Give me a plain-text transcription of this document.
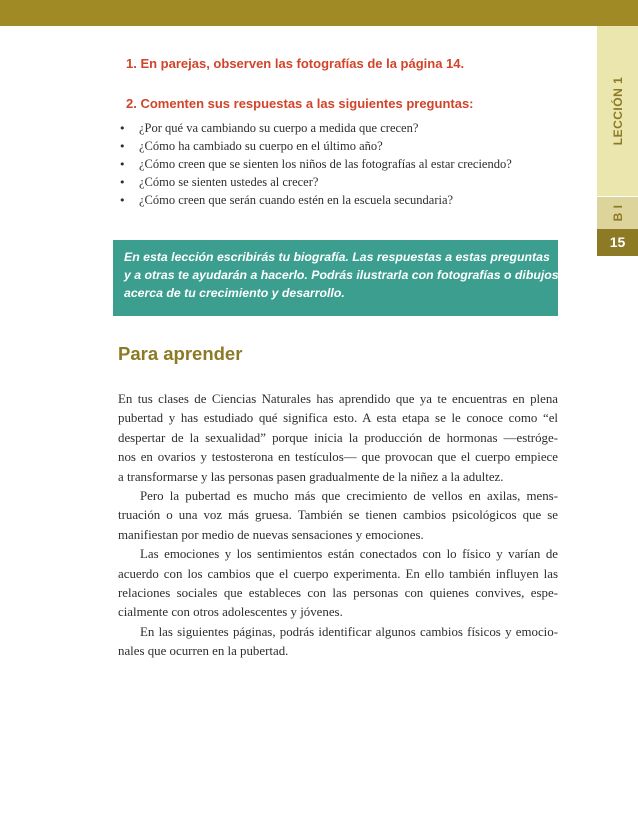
LECCIÓN 1
B I
15

1. En parejas, observen las fotografías de la página 14.

2. Comenten sus respuestas a las siguientes preguntas:

• ¿Por qué va cambiando su cuerpo a medida que crecen?
• ¿Cómo ha cambiado su cuerpo en el último año?
• ¿Cómo creen que se sienten los niños de las fotografías al estar creciendo?
• ¿Cómo se sienten ustedes al crecer?
• ¿Cómo creen que serán cuando estén en la escuela secundaria?

En esta lección escribirás tu biografía. Las respuestas a estas preguntas
y a otras te ayudarán a hacerlo. Podrás ilustrarla con fotografías o dibujos
acerca de tu crecimiento y desarrollo.

Para aprender

En tus clases de Ciencias Naturales has aprendido que ya te encuentras en plena
pubertad y has estudiado qué significa esto. A esta etapa se le conoce como “el
despertar de la sexualidad” porque inicia la producción de hormonas —estróge-
nos en ovarios y testosterona en testículos— que provocan que el cuerpo empiece
a transformarse y las personas pasen gradualmente de la niñez a la adultez.

Pero la pubertad es mucho más que crecimiento de vellos en axilas, mens-
truación o una voz más gruesa. También se tienen cambios psicológicos que se
manifiestan por medio de nuevas sensaciones y emociones.

Las emociones y los sentimientos están conectados con lo físico y varían de
acuerdo con los cambios que el cuerpo experimenta. En ello también influyen las
relaciones sociales que estableces con las personas con quienes convives, espe-
cialmente con otros adolescentes y jóvenes.

En las siguientes páginas, podrás identificar algunos cambios físicos y emocio-
nales que ocurren en la pubertad.
